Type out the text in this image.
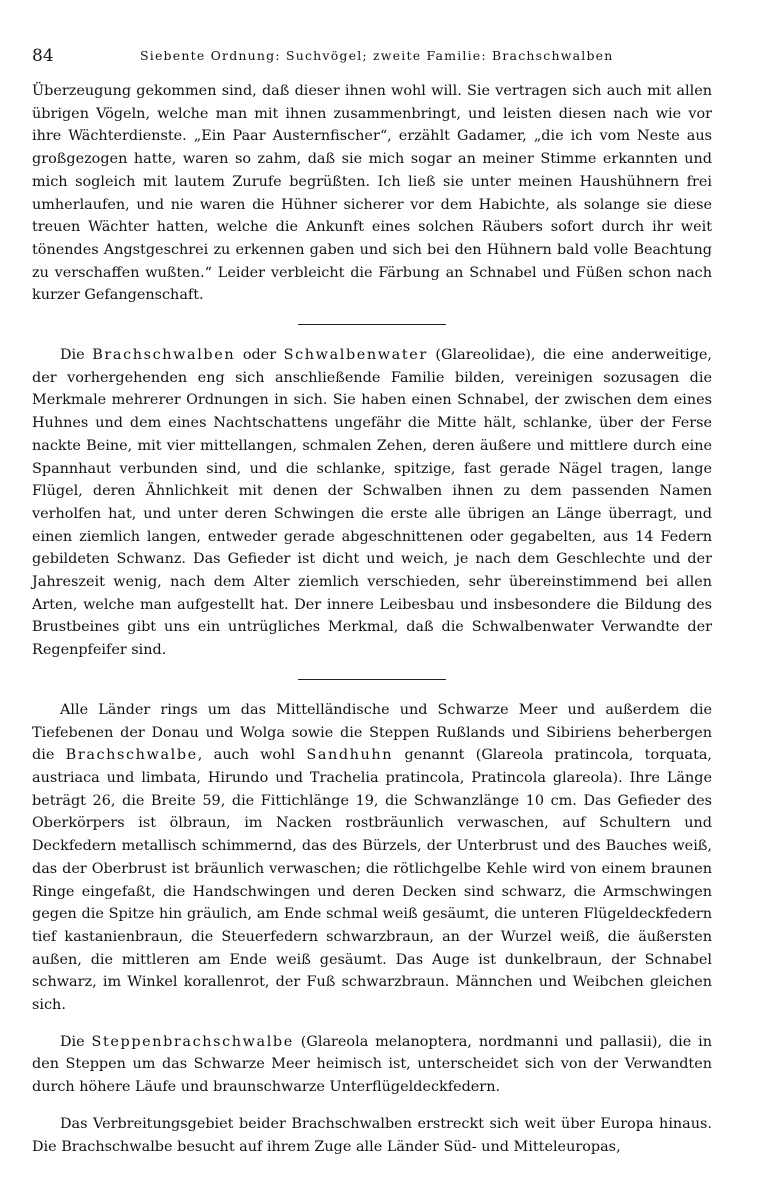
84	Siebente Ordnung: Suchvögel; zweite Familie: Brachschwalben

Überzeugung gekommen sind, daß dieser ihnen wohl will. Sie vertragen sich auch mit allen übrigen Vögeln, welche man mit ihnen zusammenbringt, und leisten diesen nach wie vor ihre Wächterdienste. „Ein Paar Austernfischer“, erzählt Gadamer, „die ich vom Neste aus großgezogen hatte, waren so zahm, daß sie mich sogar an meiner Stimme erkannten und mich sogleich mit lautem Zurufe begrüßten. Ich ließ sie unter meinen Haushühnern frei umherlaufen, und nie waren die Hühner sicherer vor dem Habichte, als solange sie diese treuen Wächter hatten, welche die Ankunft eines solchen Räubers sofort durch ihr weit tönendes Angstgeschrei zu erkennen gaben und sich bei den Hühnern bald volle Beachtung zu verschaffen wußten.“ Leider verbleicht die Färbung an Schnabel und Füßen schon nach kurzer Gefangenschaft.

Die Brachschwalben oder Schwalbenwater (Glareolidae), die eine anderweitige, der vorhergehenden eng sich anschließende Familie bilden, vereinigen sozusagen die Merkmale mehrerer Ordnungen in sich. Sie haben einen Schnabel, der zwischen dem eines Huhnes und dem eines Nachtschattens ungefähr die Mitte hält, schlanke, über der Ferse nackte Beine, mit vier mittellangen, schmalen Zehen, deren äußere und mittlere durch eine Spannhaut verbunden sind, und die schlanke, spitzige, fast gerade Nägel tragen, lange Flügel, deren Ähnlichkeit mit denen der Schwalben ihnen zu dem passenden Namen verholfen hat, und unter deren Schwingen die erste alle übrigen an Länge überragt, und einen ziemlich langen, entweder gerade abgeschnittenen oder gegabelten, aus 14 Federn gebildeten Schwanz. Das Gefieder ist dicht und weich, je nach dem Geschlechte und der Jahreszeit wenig, nach dem Alter ziemlich verschieden, sehr übereinstimmend bei allen Arten, welche man aufgestellt hat. Der innere Leibesbau und insbesondere die Bildung des Brustbeines gibt uns ein untrügliches Merkmal, daß die Schwalbenwater Verwandte der Regenpfeifer sind.

Alle Länder rings um das Mittelländische und Schwarze Meer und außerdem die Tiefebenen der Donau und Wolga sowie die Steppen Rußlands und Sibiriens beherbergen die Brachschwalbe, auch wohl Sandhuhn genannt (Glareola pratincola, torquata, austriaca und limbata, Hirundo und Trachelia pratincola, Pratincola glareola). Ihre Länge beträgt 26, die Breite 59, die Fittichlänge 19, die Schwanzlänge 10 cm. Das Gefieder des Oberkörpers ist ölbraun, im Nacken rostbräunlich verwaschen, auf Schultern und Deckfedern metallisch schimmernd, das des Bürzels, der Unterbrust und des Bauches weiß, das der Oberbrust ist bräunlich verwaschen; die rötlichgelbe Kehle wird von einem braunen Ringe eingefaßt, die Handschwingen und deren Decken sind schwarz, die Armschwingen gegen die Spitze hin gräulich, am Ende schmal weiß gesäumt, die unteren Flügeldeckfedern tief kastanienbraun, die Steuerfedern schwarzbraun, an der Wurzel weiß, die äußersten außen, die mittleren am Ende weiß gesäumt. Das Auge ist dunkelbraun, der Schnabel schwarz, im Winkel korallenrot, der Fuß schwarzbraun. Männchen und Weibchen gleichen sich.

Die Steppenbrachschwalbe (Glareola melanoptera, nordmanni und pallasii), die in den Steppen um das Schwarze Meer heimisch ist, unterscheidet sich von der Verwandten durch höhere Läufe und braunschwarze Unterflügeldeckfedern.

Das Verbreitungsgebiet beider Brachschwalben erstreckt sich weit über Europa hinaus. Die Brachschwalbe besucht auf ihrem Zuge alle Länder Süd- und Mitteleuropas,
